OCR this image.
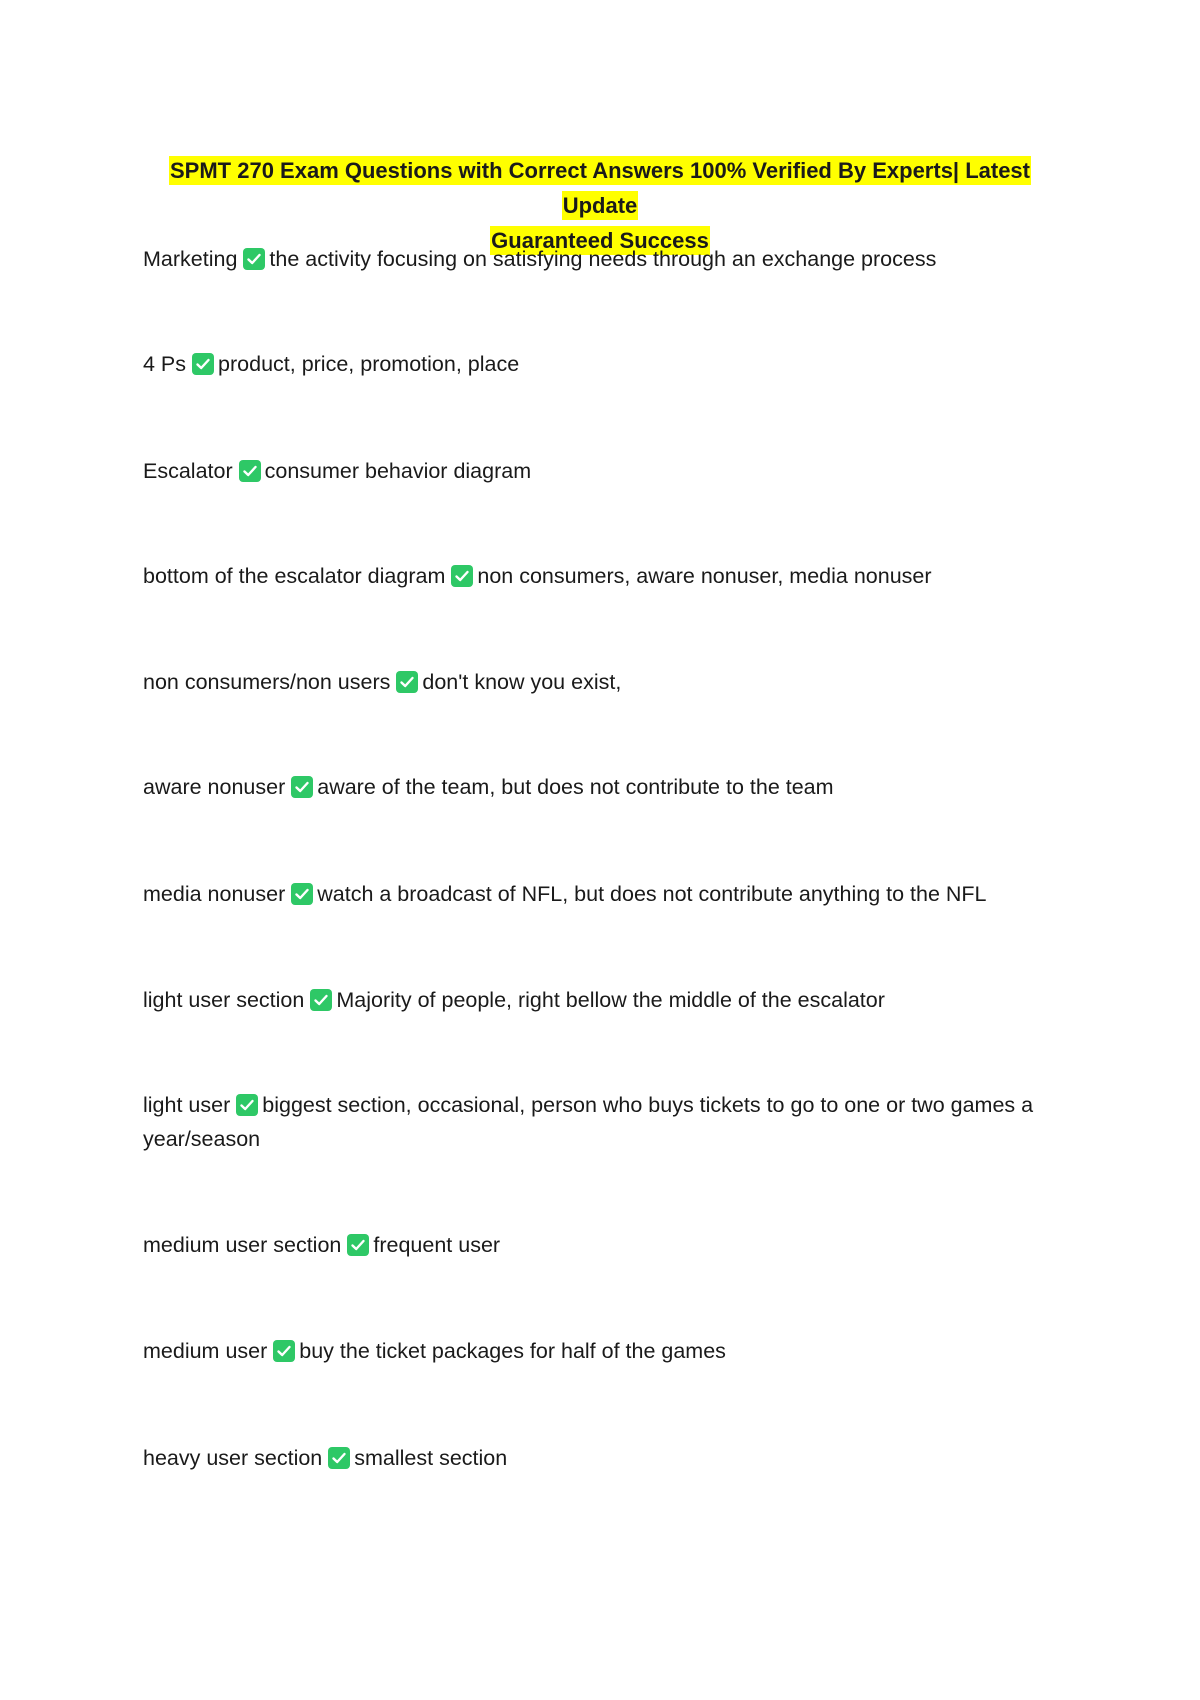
SPMT 270 Exam Questions with Correct Answers 100% Verified By Experts| Latest Update
Guaranteed Success
Marketing the activity focusing on satisfying needs through an exchange process
4 Ps product, price, promotion, place
Escalator consumer behavior diagram
bottom of the escalator diagram non consumers, aware nonuser, media nonuser
non consumers/non users don't know you exist,
aware nonuser aware of the team, but does not contribute to the team
media nonuser watch a broadcast of NFL, but does not contribute anything to the NFL
light user section Majority of people, right bellow the middle of the escalator
light user biggest section, occasional, person who buys tickets to go to one or two games a year/season
medium user section frequent user
medium user buy the ticket packages for half of the games
heavy user section smallest section
